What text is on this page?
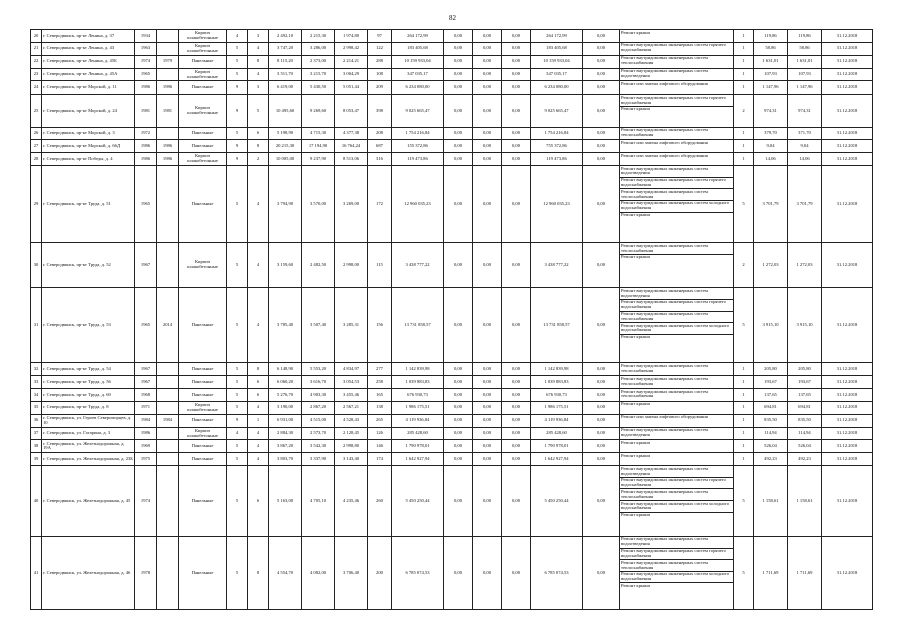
82
20	г. Северодвинск, пр-кт Ленина, д. 37	1934		Кирпич шлакобетонные	4	3	2 492,10	2 215,30	1 974,80	97	264 172,99	0,00	0,00	0,00	264 172,99	0,00	Ремонт крыши	1	119,86	119,86	31.12.2018
21	г. Северодвинск, пр-кт Ленина, д. 43	1963		Кирпич шлакобетонные	5	4	3 747,20	3 286,00	2 998,42	122	183 405,68	0,00	0,00	0,00	183 405,68	0,00	Ремонт внутридомовых инженерных систем горячего водоснабжения	1	58,86	58,86	31.12.2018
22	г. Северодвинск, пр-кт Ленина, д. 45Б	1974	1979	Панельные	5	8	8 115,20	2 373,00	2 214,21	288	10 159 933,04	0,00	0,00	0,00	10 159 933,04	0,00	Ремонт внутридомовых инженерных систем теплоснабжения	1	1 631,01	1 631,01	31.12.2018
23	г. Северодвинск, пр-кт Ленина, д. 45А	1965		Кирпич шлакобетонные	5	4	3 511,70	3 215,70	3 004,29	108	347 035,17	0,00	0,00	0,00	347 035,17	0,00	Ремонт внутридомовых инженерных систем водоотведения	1	107,93	107,93	31.12.2018
24	г. Северодвинск, пр-кт Морской, д. 11	1986	1986	Панельные	9	3	6 419,00	5 430,50	5 051,44	209	6 234 080,00	0,00	0,00	0,00	6 234 080,00	0,00	Ремонт или замена лифтового оборудования	1	1 147,96	1 147,96	31.12.2018
25	г. Северодвинск, пр-кт Морской, д. 24	1981	1981	Кирпич шлакобетонные	9	5	10 495,60	9 269,60	8 053,47	398	9 025 665,47	0,00	0,00	0,00	9 025 665,47	0,00	Ремонт внутридомовых инженерных систем горячего водоснабжения
Ремонт крыши	2	974,31	974,31	31.12.2018
26	г. Северодвинск, пр-кт Морской, д. 3	1972		Панельные	5	6	5 198,90	4 715,30	4 377,38	208	1 754 216,84	0,00	0,00	0,00	1 754 216,84	0,00	Ремонт внутридомовых инженерных систем теплоснабжения	1	379,70	371,70	31.12.2018
27	г. Северодвинск, пр-кт Морской, д. 66Д	1986	1986	Панельные	9	8	20 215,30	17 194,90	16 764,24	687	155 372,86	0,00	0,00	0,00	755 372,86	0,00	Ремонт или замена лифтового оборудования	1	9,04	9,04	31.12.2018
28	г. Северодвинск, пр-кт Победы, д. 4	1986	1986	Кирпич шлакобетонные	9	2	10 005,00	9 237,90	8 513,06	316	119 473,86	0,00	0,00	0,00	119 473,86	0,00	Ремонт или замена лифтового оборудования	1	14,06	14,06	31.12.2018
29	г. Северодвинск, пр-кт Труда, д. 51	1965		Панельные	5	4	3 794,90	3 570,00	3 269,00	172	12 960 035,23	0,00	0,00	0,00	12 960 035,23	0,00	Ремонт внутридомовых инженерных систем водоотведения
Ремонт внутридомовых инженерных систем горячего водоснабжения
Ремонт внутридомовых инженерных систем теплоснабжения
Ремонт внутридомовых инженерных систем холодного водоснабжения
Ремонт крыши	5	3 701,79	3 701,79	31.12.2018
30	г. Северодвинск, пр-кт Труда, д. 52	1967		Кирпич шлакобетонные	5	4	3 159,60	2 482,50	2 998,00	115	3 438 777,22	0,00	0,00	0,00	3 438 777,22	0,00	Ремонт внутридомовых инженерных систем теплоснабжения
Ремонт крыши	2	1 272,03	1 272,03	31.12.2018
31	г. Северодвинск, пр-кт Труда, д. 53	1965	2014	Панельные	5	4	3 785,40	3 507,40	3 285,31	156	13 731 858,57	0,00	0,00	0,00	13 731 858,57	0,00	Ремонт внутридомовых инженерных систем водоотведения
Ремонт внутридомовых инженерных систем горячего водоснабжения
Ремонт внутридомовых инженерных систем теплоснабжения
Ремонт внутридомовых инженерных систем холодного водоснабжения
Ремонт крыши	5	3 915,10	3 915,10	31.12.2018
32	г. Северодвинск, пр-кт Труда, д. 54	1967		Панельные	5	8	6 148,90	5 553,20	4 834,97	277	1 142 839,98	0,00	0,00	0,00	1 142 839,98	0,00	Ремонт внутридомовых инженерных систем теплоснабжения	1	205,80	205,80	31.12.2018
33	г. Северодвинск, пр-кт Труда, д. 56	1967		Панельные	5	6	6 060,20	3 616,70	3 054,53	258	1 039 883,83	0,00	0,00	0,00	1 039 883,83	0,00	Ремонт внутридомовых инженерных систем теплоснабжения	1	193,67	193,67	31.12.2018
34	г. Северодвинск, пр-кт Труда, д. 60	1968		Панельные	5	6	5 276,70	4 903,30	3 455,46	165	676 930,73	0,00	0,00	0,00	676 930,73	0,00	Ремонт внутридомовых инженерных систем теплоснабжения	1	137,65	137,65	31.12.2018
35	г. Северодвинск, пр-кт Труда, д. 8	1971		Кирпич шлакобетонные	5	4	3 190,00	2 867,20	2 567,21	138	1 986 175,51	0,00	0,00	0,00	1 986 175,51	0,00	Ремонт крыши	1	694,81	694,81	31.12.2018
36	г. Северодвинск, ул. Героев Североморцев, д. 10	1984	1984	Панельные	9	1	6 931,00	4 515,00	4 528,43	265	4 119 936,84	0,00	0,00	0,00	4 119 936,84	0,00	Ремонт или замена лифтового оборудования	1	835,50	835,50	31.12.2018
37	г. Северодвинск, ул. Гагарина, д. 3	1986		Кирпич шлакобетонные	4	4	2 884,30	2 573,70	2 128,45	126	285 428,60	0,00	0,00	0,00	285 428,60	0,00	Ремонт внутридомовых инженерных систем водоотведения	1	114,94	114,94	31.12.2018
38	г. Северодвинск, ул. Железнодорожная, д. 19А	1969		Панельные	5	4	3 867,20	3 542,30	2 998,80	146	1 790 978,01	0,00	0,00	0,00	1 790 978,01	0,00	Ремонт крыши	1	526,04	526,04	31.12.2018
39	г. Северодвинск, ул. Железнодорожная, д. 23Б	1975		Панельные	5	4	3 803,70	3 337,90	3 143,40	174	1 642 927,94	0,00	0,00	0,00	1 642 927,94	0,00	Ремонт крыши	1	492,23	492,23	31.12.2018
40	г. Северодвинск, ул. Железнодорожная, д. 45	1974		Панельные	5	6	5 163,00	4 705,10	4 235,46	260	5 450 250,44	0,00	0,00	0,00	5 450 250,44	0,00	Ремонт внутридомовых инженерных систем водоотведения
Ремонт внутридомовых инженерных систем горячего водоснабжения
Ремонт внутридомовых инженерных систем теплоснабжения
Ремонт внутридомовых инженерных систем холодного водоснабжения
Ремонт крыши	5	1 158,61	1 158,61	31.12.2018
41	г. Северодвинск, ул. Железнодорожная, д. 46	1978		Панельные	5	8	4 554,70	4 082,00	3 706,40	200	6 785 074,53	0,00	0,00	0,00	6 785 074,53	0,00	Ремонт внутридомовых инженерных систем водоотведения
Ремонт внутридомовых инженерных систем горячего водоснабжения
Ремонт внутридомовых инженерных систем теплоснабжения
Ремонт внутридомовых инженерных систем холодного водоснабжения
Ремонт крыши	5	1 711,69	1 711,69	31.12.2018
